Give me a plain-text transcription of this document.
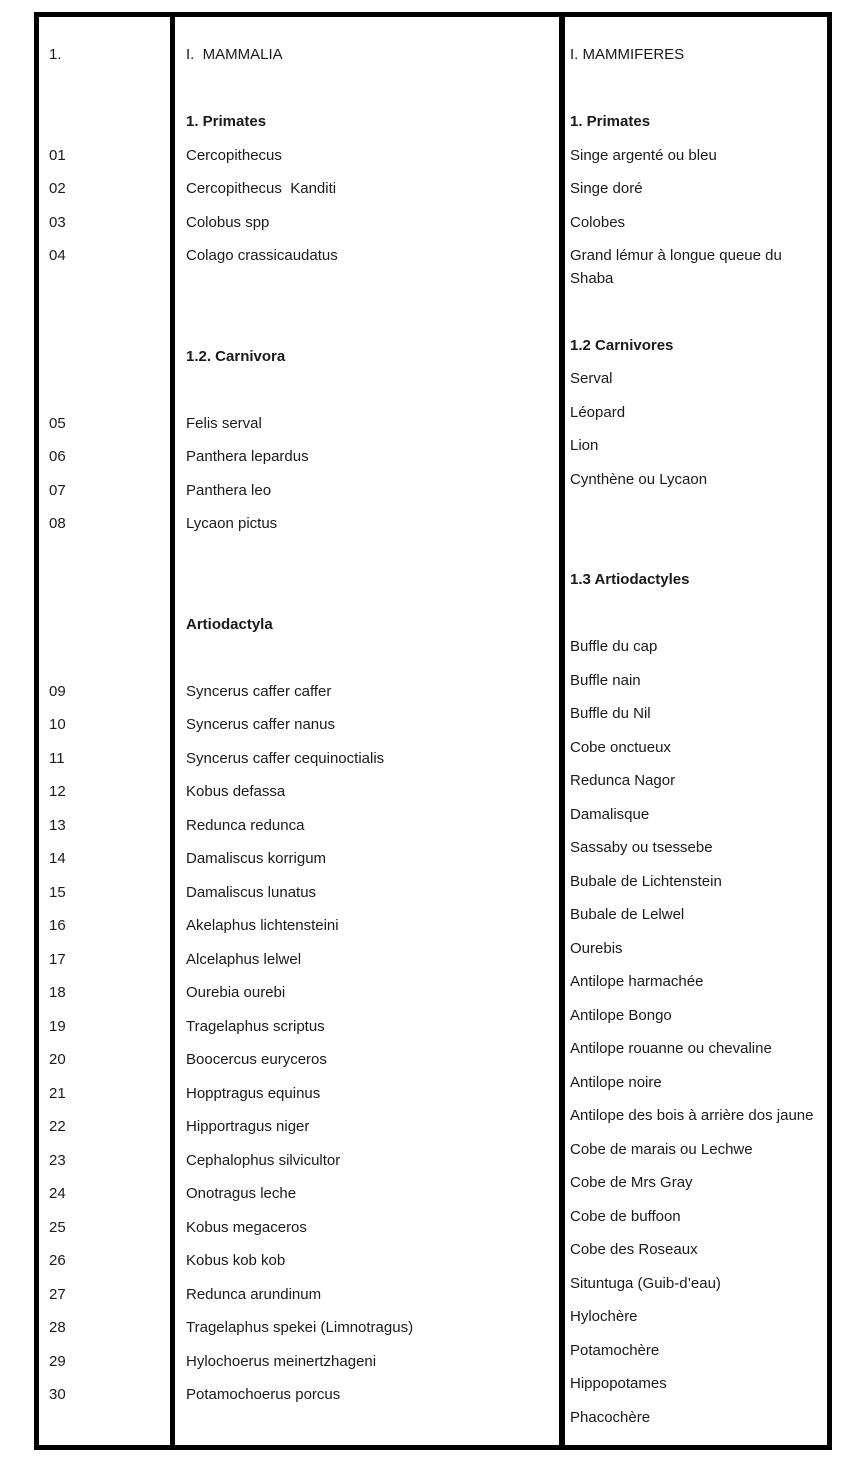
1.
01
02
03
04
05
06
07
08
09
10
11
12
13
14
15
16
17
18
19
20
21
22
23
24
25
26
27
28
29
30
I.  MAMMALIA
1. Primates
Cercopithecus
Cercopithecus  Kanditi
Colobus spp
Colago crassicaudatus
1.2. Carnivora
Felis serval
Panthera lepardus
Panthera leo
Lycaon pictus
Artiodactyla
Syncerus caffer caffer
Syncerus caffer nanus
Syncerus caffer cequinoctialis
Kobus defassa
Redunca redunca
Damaliscus korrigum
Damaliscus lunatus
Akelaphus lichtensteini
Alcelaphus lelwel
Ourebia ourebi
Tragelaphus scriptus
Boocercus euryceros
Hopptragus equinus
Hipportragus niger
Cephalophus silvicultor
Onotragus leche
Kobus megaceros
Kobus kob kob
Redunca arundinum
Tragelaphus spekei (Limnotragus)
Hylochoerus meinertzhageni
Potamochoerus porcus
I. MAMMIFERES
1. Primates
Singe argenté ou bleu
Singe doré
Colobes
Grand lémur à longue queue du Shaba
1.2 Carnivores
Serval
Léopard
Lion
Cynthène ou Lycaon
1.3 Artiodactyles
Buffle du cap
Buffle nain
Buffle du Nil
Cobe onctueux
Redunca Nagor
Damalisque
Sassaby ou tsessebe
Bubale de Lichtenstein
Bubale de Lelwel
Ourebis
Antilope harmachée
Antilope Bongo
Antilope rouanne ou chevaline
Antilope noire
Antilope des bois à arrière dos jaune
Cobe de marais ou Lechwe
Cobe de Mrs Gray
Cobe de buffoon
Cobe des Roseaux
Situntuga (Guib-d’eau)
Hylochère
Potamochère
Hippopotames
Phacochère
